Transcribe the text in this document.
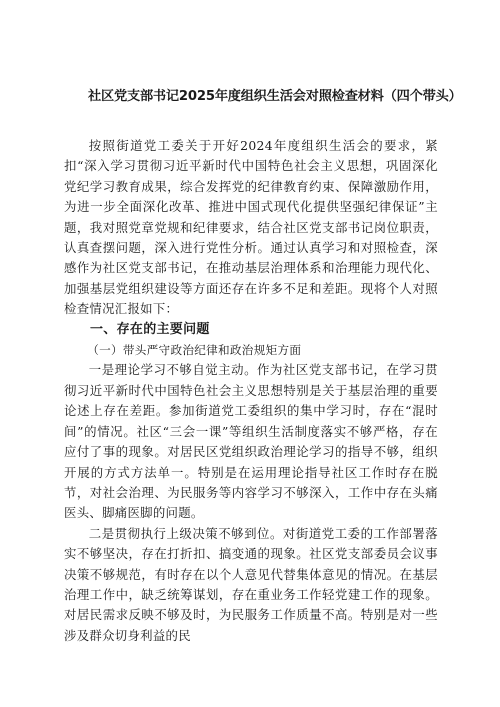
社区党支部书记2025年度组织生活会对照检查材料（四个带头）

按照街道党工委关于开好2024年度组织生活会的要求，紧扣“深入学习贯彻习近平新时代中国特色社会主义思想，巩固深化党纪学习教育成果，综合发挥党的纪律教育约束、保障激励作用，为进一步全面深化改革、推进中国式现代化提供坚强纪律保证”主题，我对照党章党规和纪律要求，结合社区党支部书记岗位职责，认真查摆问题，深入进行党性分析。通过认真学习和对照检查，深感作为社区党支部书记，在推动基层治理体系和治理能力现代化、加强基层党组织建设等方面还存在许多不足和差距。现将个人对照检查情况汇报如下：

一、存在的主要问题
（一）带头严守政治纪律和政治规矩方面

一是理论学习不够自觉主动。作为社区党支部书记，在学习贯彻习近平新时代中国特色社会主义思想特别是关于基层治理的重要论述上存在差距。参加街道党工委组织的集中学习时，存在“混时间”的情况。社区“三会一课”等组织生活制度落实不够严格，存在应付了事的现象。对居民区党组织政治理论学习的指导不够，组织开展的方式方法单一。特别是在运用理论指导社区工作时存在脱节，对社会治理、为民服务等内容学习不够深入，工作中存在头痛医头、脚痛医脚的问题。

二是贯彻执行上级决策不够到位。对街道党工委的工作部署落实不够坚决，存在打折扣、搞变通的现象。社区党支部委员会议事决策不够规范，有时存在以个人意见代替集体意见的情况。在基层治理工作中，缺乏统筹谋划，存在重业务工作轻党建工作的现象。对居民需求反映不够及时，为民服务工作质量不高。特别是对一些涉及群众切身利益的民
